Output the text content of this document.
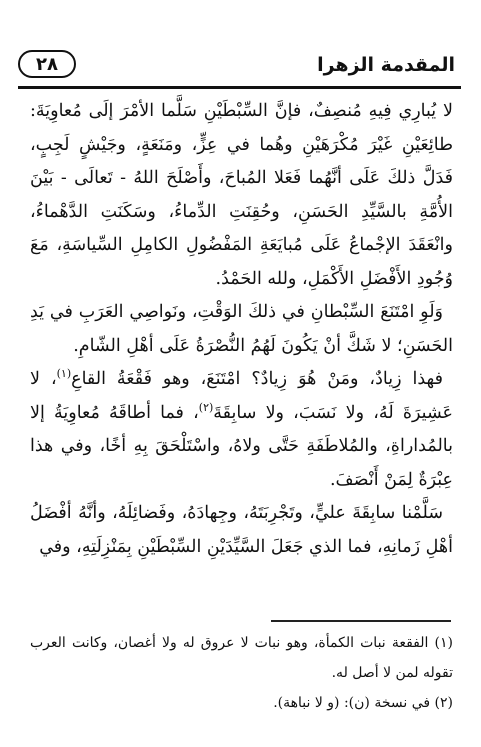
المقدمة الزهرا
٢٨

لا يُبارِي فِيهِ مُنصِفٌ، فإنَّ السِّبْطَيْنِ سَلَّما الأمْرَ إلَى مُعاوِيَةَ: طائِعَيْنِ غَيْرَ مُكْرَهَيْنِ وهُما في عِزٍّ، ومَنَعَةٍ، وجَيْشٍ لَجِبٍ، فَدَلَّ ذلكَ عَلَى أنَّهُما فَعَلا المُباحَ، وأَصْلَحَ اللهُ - تَعالَى - بَيْنَ الأُمَّةِ بالسَّيِّدِ الحَسَنِ، وحُقِنَتِ الدِّماءُ، وسَكَنَتِ الدَّهْماءُ، وانْعَقَدَ الإجْماعُ عَلَى مُبايَعَةِ المَفْضُولِ الكامِلِ السِّياسَةِ، مَعَ وُجُودِ الأَفْضَلِ الأَكْمَلِ، ولله الحَمْدُ.

وَلَوِ امْتَنَعَ السِّبْطانِ في ذلكَ الوَقْتِ، ونَواصِي العَرَبِ في يَدِ الحَسَنِ؛ لا شَكَّ أنْ يَكُونَ لَهُمُ النُّصْرَةُ عَلَى أهْلِ الشّامِ.

فهذا زِيادٌ، ومَنْ هُوَ زِيادٌ؟ امْتَنَعَ، وهو فَقْعَةُ القاعِ$^{(١)}$، لا عَشِيرَةَ لَهُ، ولا نَسَبَ، ولا سابِقَةَ$^{(٢)}$، فما أطاقَهُ مُعاوِيَةُ إلا بالمُداراةِ، والمُلاطَفَةِ حَتَّى ولاهُ، واسْتَلْحَقَ بِهِ أخًا، وفي هذا عِبْرَةٌ لِمَنْ أَنْصَفَ.

سَلَّمْنا سابِقَةَ عليٍّ، وتَجْرِبَتَهُ، وجِهادَهُ، وفَضائِلَهُ، وأنَّهُ أفْضَلُ أهْلِ زَمانِهِ، فما الذي جَعَلَ السَّيِّدَيْنِ السِّبْطَيْنِ بِمَنْزِلَتِهِ، وفي

(١) الفقعة نبات الكمأة، وهو نبات لا عروق له ولا أغصان، وكانت العرب تقوله لمن لا أصل له.

(٢) في نسخة (ن): (و لا نباهة).
